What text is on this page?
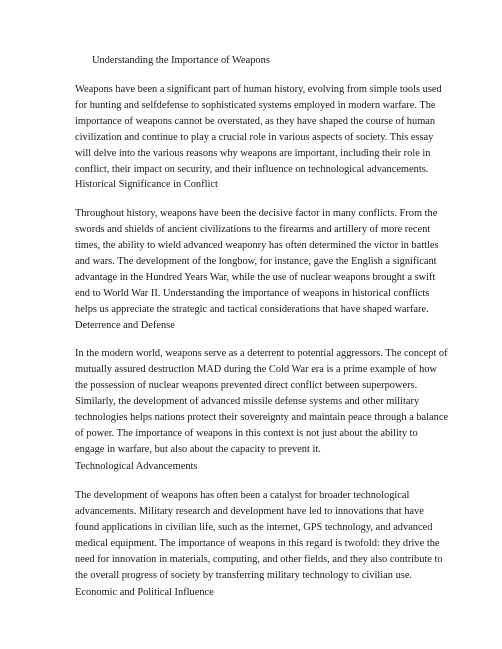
Understanding the Importance of Weapons
Weapons have been a significant part of human history, evolving from simple tools used
for hunting and selfdefense to sophisticated systems employed in modern warfare. The
importance of weapons cannot be overstated, as they have shaped the course of human
civilization and continue to play a crucial role in various aspects of society. This essay
will delve into the various reasons why weapons are important, including their role in
conflict, their impact on security, and their influence on technological advancements.
Historical Significance in Conflict
Throughout history, weapons have been the decisive factor in many conflicts. From the
swords and shields of ancient civilizations to the firearms and artillery of more recent
times, the ability to wield advanced weaponry has often determined the victor in battles
and wars. The development of the longbow, for instance, gave the English a significant
advantage in the Hundred Years War, while the use of nuclear weapons brought a swift
end to World War II. Understanding the importance of weapons in historical conflicts
helps us appreciate the strategic and tactical considerations that have shaped warfare.
Deterrence and Defense
In the modern world, weapons serve as a deterrent to potential aggressors. The concept of
mutually assured destruction MAD during the Cold War era is a prime example of how
the possession of nuclear weapons prevented direct conflict between superpowers.
Similarly, the development of advanced missile defense systems and other military
technologies helps nations protect their sovereignty and maintain peace through a balance
of power. The importance of weapons in this context is not just about the ability to
engage in warfare, but also about the capacity to prevent it.
Technological Advancements
The development of weapons has often been a catalyst for broader technological
advancements. Military research and development have led to innovations that have
found applications in civilian life, such as the internet, GPS technology, and advanced
medical equipment. The importance of weapons in this regard is twofold: they drive the
need for innovation in materials, computing, and other fields, and they also contribute to
the overall progress of society by transferring military technology to civilian use.
Economic and Political Influence
